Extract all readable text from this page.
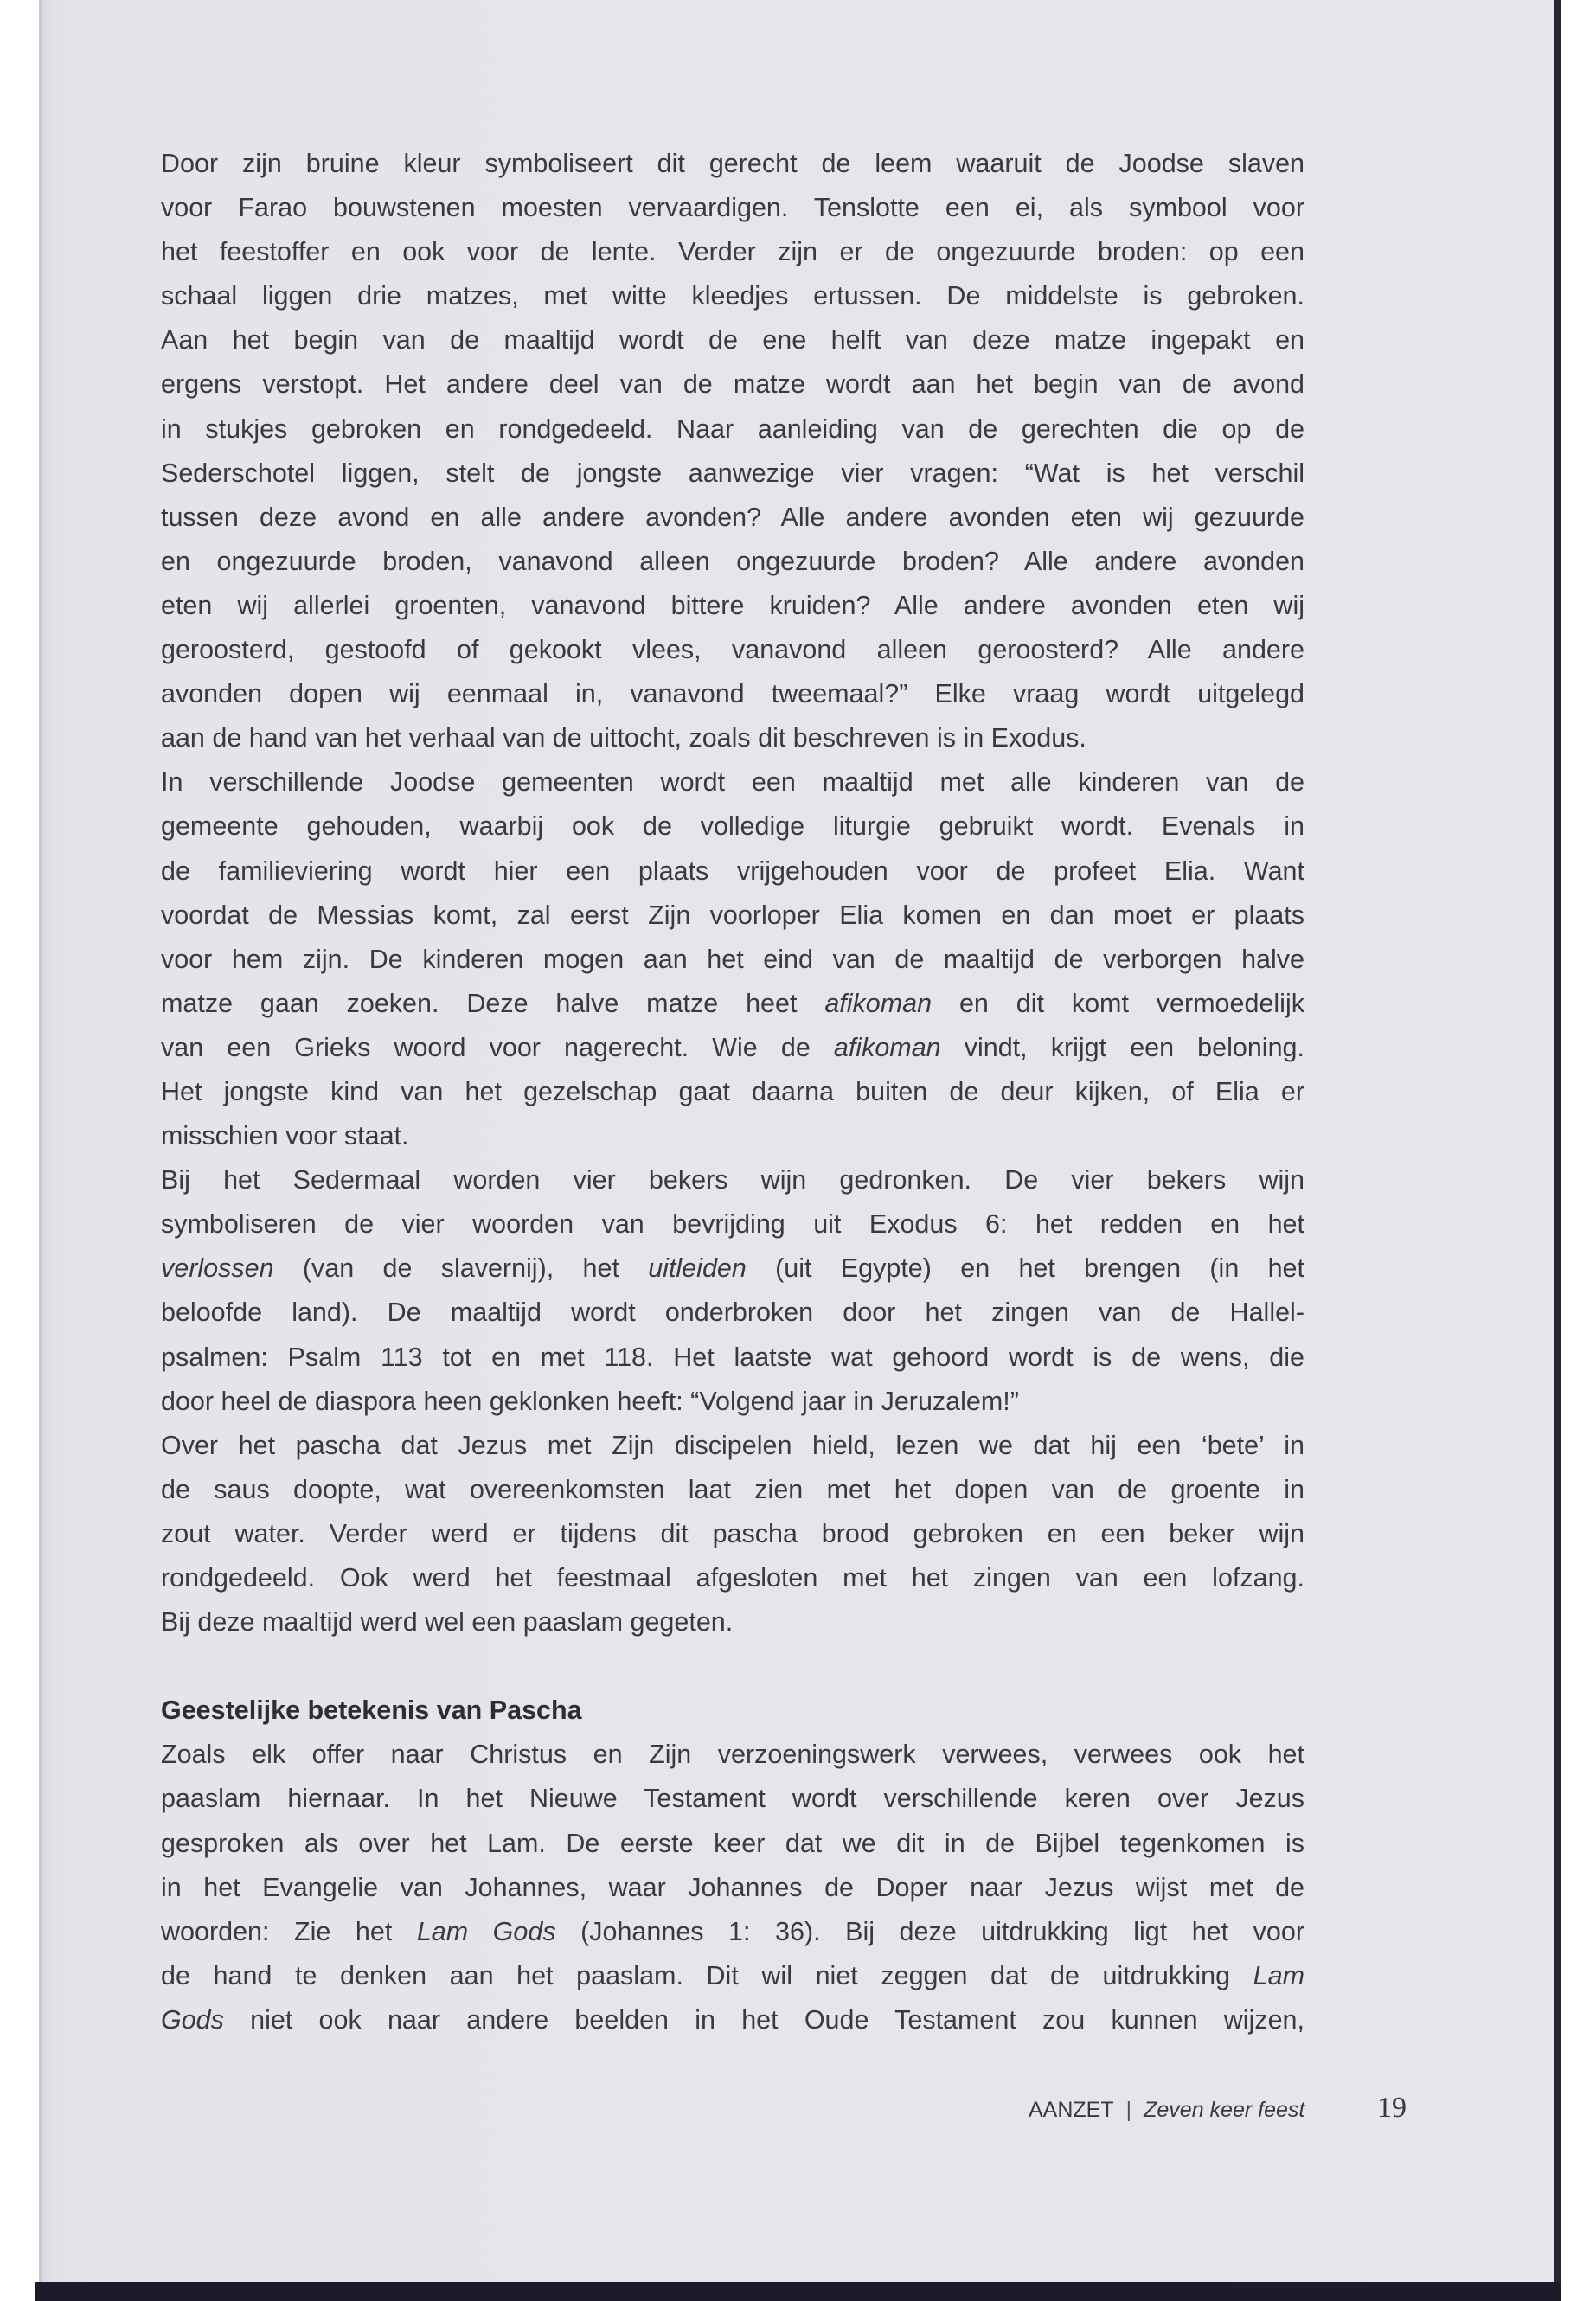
Door zijn bruine kleur symboliseert dit gerecht de leem waaruit de Joodse slaven
voor Farao bouwstenen moesten vervaardigen. Tenslotte een ei, als symbool voor
het feestoffer en ook voor de lente. Verder zijn er de ongezuurde broden: op een
schaal liggen drie matzes, met witte kleedjes ertussen. De middelste is gebroken.
Aan het begin van de maaltijd wordt de ene helft van deze matze ingepakt en
ergens verstopt. Het andere deel van de matze wordt aan het begin van de avond
in stukjes gebroken en rondgedeeld. Naar aanleiding van de gerechten die op de
Sederschotel liggen, stelt de jongste aanwezige vier vragen: “Wat is het verschil
tussen deze avond en alle andere avonden? Alle andere avonden eten wij gezuurde
en ongezuurde broden, vanavond alleen ongezuurde broden? Alle andere avonden
eten wij allerlei groenten, vanavond bittere kruiden? Alle andere avonden eten wij
geroosterd, gestoofd of gekookt vlees, vanavond alleen geroosterd? Alle andere
avonden dopen wij eenmaal in, vanavond tweemaal?” Elke vraag wordt uitgelegd
aan de hand van het verhaal van de uittocht, zoals dit beschreven is in Exodus.
In verschillende Joodse gemeenten wordt een maaltijd met alle kinderen van de
gemeente gehouden, waarbij ook de volledige liturgie gebruikt wordt. Evenals in
de familieviering wordt hier een plaats vrijgehouden voor de profeet Elia. Want
voordat de Messias komt, zal eerst Zijn voorloper Elia komen en dan moet er plaats
voor hem zijn. De kinderen mogen aan het eind van de maaltijd de verborgen halve
matze gaan zoeken. Deze halve matze heet afikoman en dit komt vermoedelijk
van een Grieks woord voor nagerecht. Wie de afikoman vindt, krijgt een beloning.
Het jongste kind van het gezelschap gaat daarna buiten de deur kijken, of Elia er
misschien voor staat.
Bij het Sedermaal worden vier bekers wijn gedronken. De vier bekers wijn
symboliseren de vier woorden van bevrijding uit Exodus 6: het redden en het
verlossen (van de slavernij), het uitleiden (uit Egypte) en het brengen (in het
beloofde land). De maaltijd wordt onderbroken door het zingen van de Hallel-
psalmen: Psalm 113 tot en met 118. Het laatste wat gehoord wordt is de wens, die
door heel de diaspora heen geklonken heeft: “Volgend jaar in Jeruzalem!”
Over het pascha dat Jezus met Zijn discipelen hield, lezen we dat hij een ‘bete’ in
de saus doopte, wat overeenkomsten laat zien met het dopen van de groente in
zout water. Verder werd er tijdens dit pascha brood gebroken en een beker wijn
rondgedeeld. Ook werd het feestmaal afgesloten met het zingen van een lofzang.
Bij deze maaltijd werd wel een paaslam gegeten.
Geestelijke betekenis van Pascha
Zoals elk offer naar Christus en Zijn verzoeningswerk verwees, verwees ook het
paaslam hiernaar. In het Nieuwe Testament wordt verschillende keren over Jezus
gesproken als over het Lam. De eerste keer dat we dit in de Bijbel tegenkomen is
in het Evangelie van Johannes, waar Johannes de Doper naar Jezus wijst met de
woorden: Zie het Lam Gods (Johannes 1: 36). Bij deze uitdrukking ligt het voor
de hand te denken aan het paaslam. Dit wil niet zeggen dat de uitdrukking Lam
Gods niet ook naar andere beelden in het Oude Testament zou kunnen wijzen,
AANZET | Zeven keer feest 19
